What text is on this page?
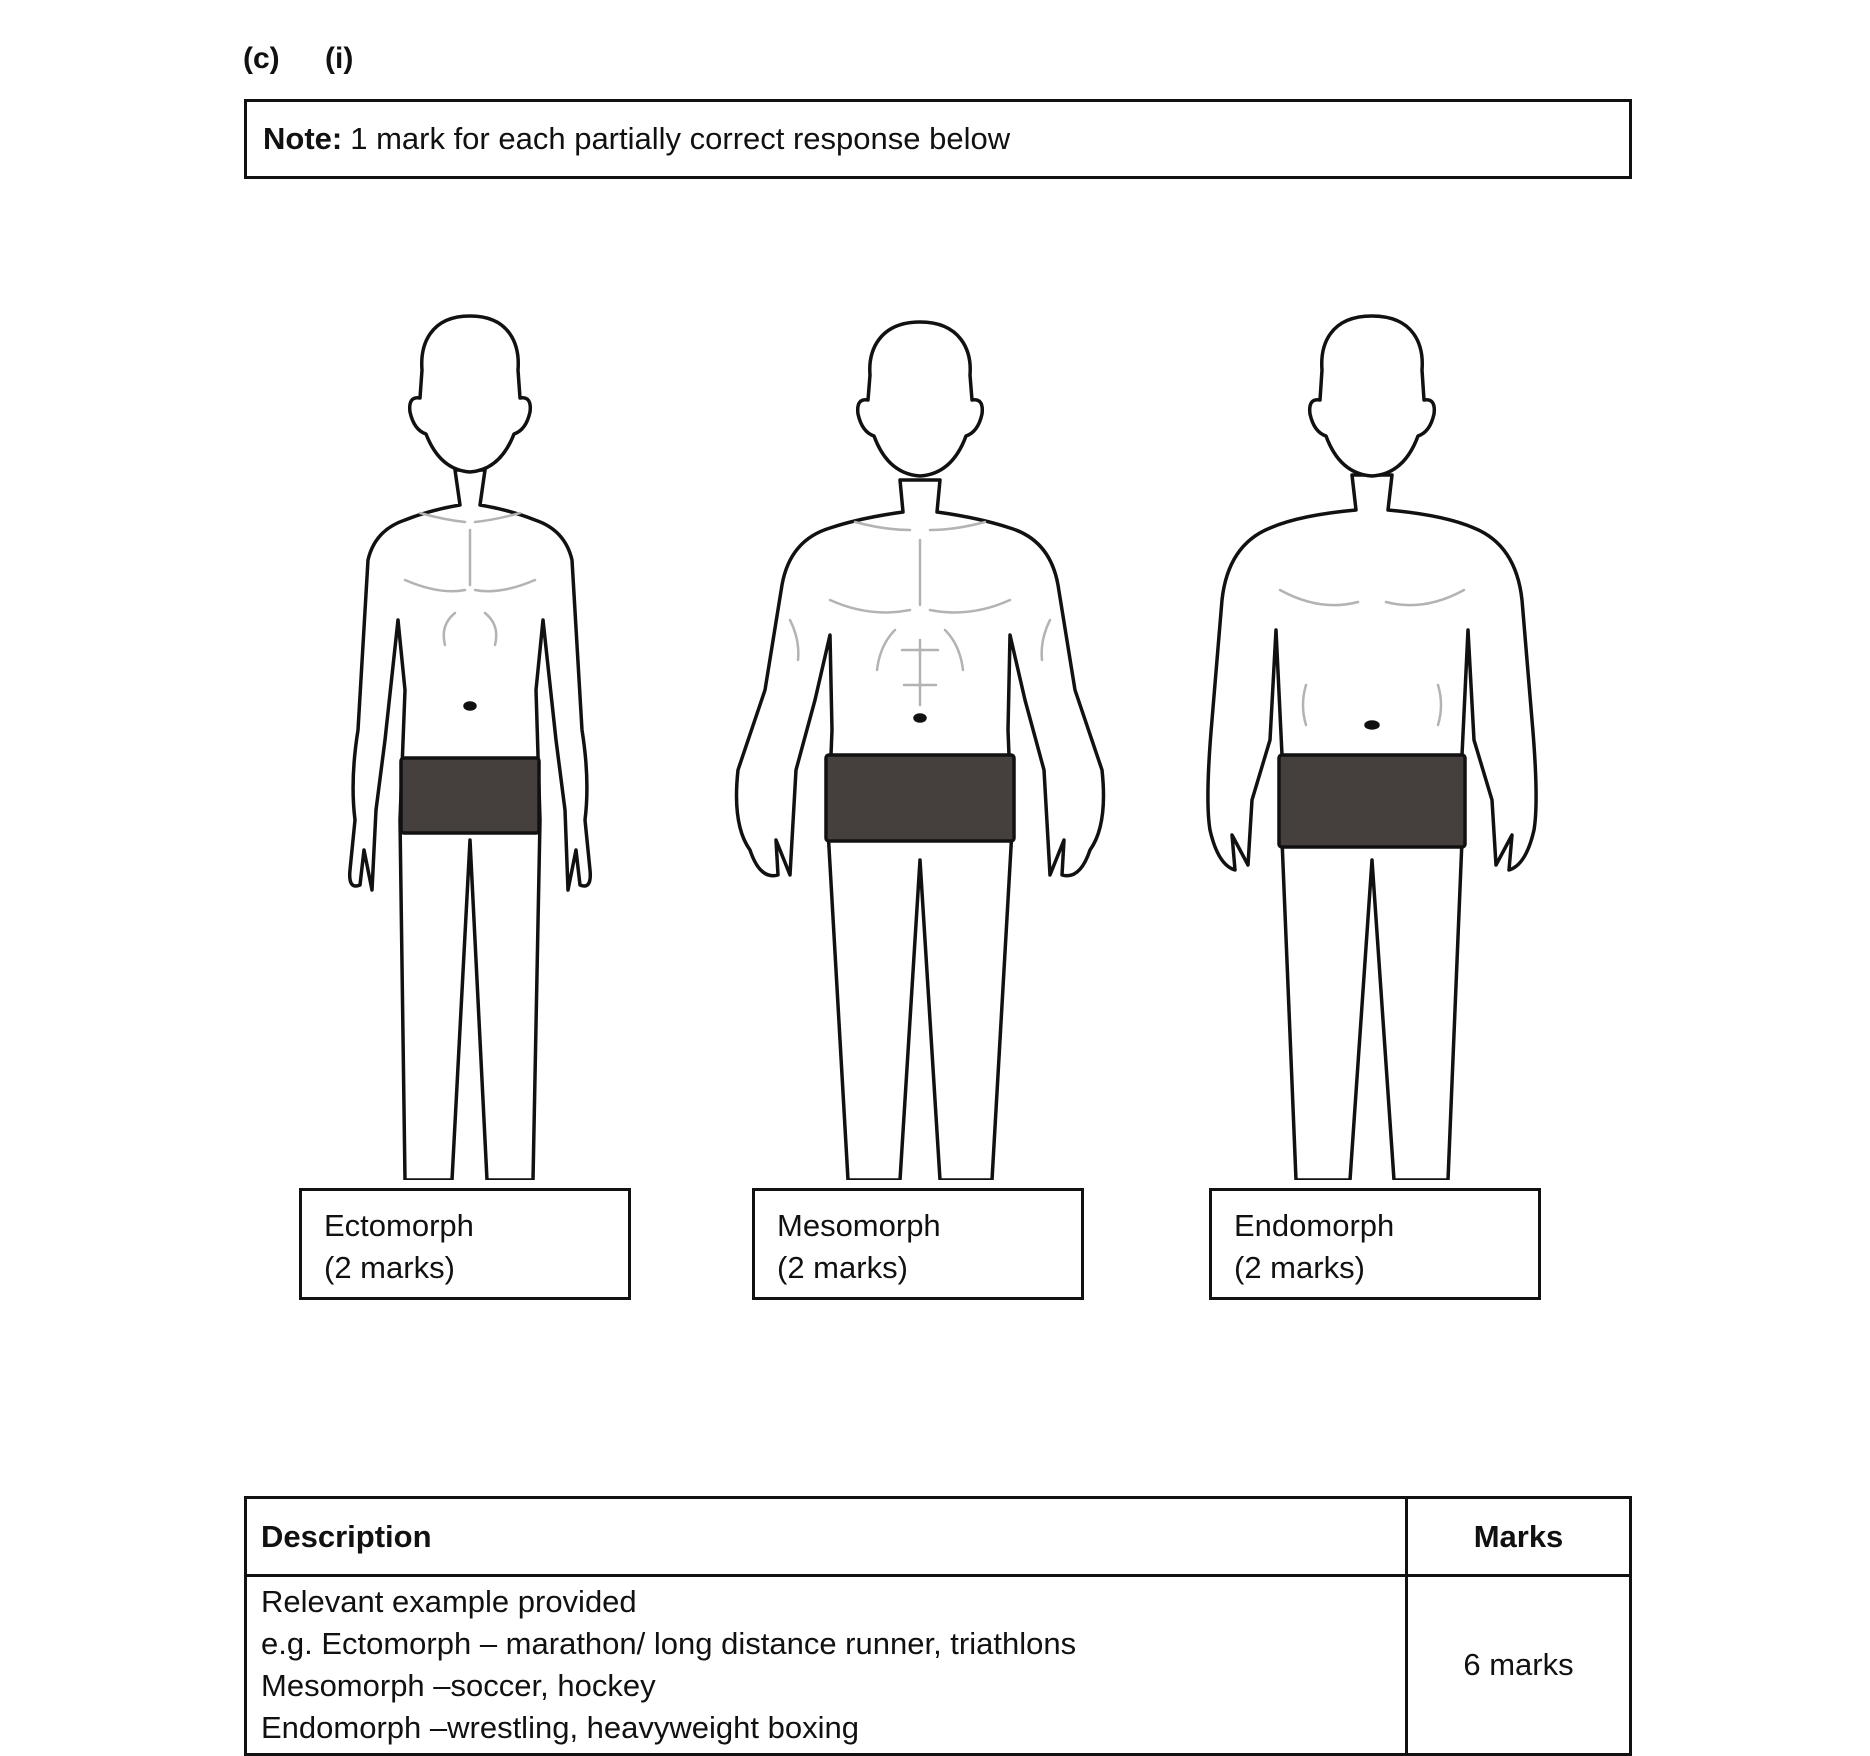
(c) (i)
Note: 1 mark for each partially correct response below
Ectomorph
(2 marks)
Mesomorph
(2 marks)
Endomorph
(2 marks)
Description	Marks

Relevant example provided
e.g. Ectomorph – marathon/ long distance runner, triathlons
Mesomorph –soccer, hockey
Endomorph –wrestling, heavyweight boxing	6 marks
